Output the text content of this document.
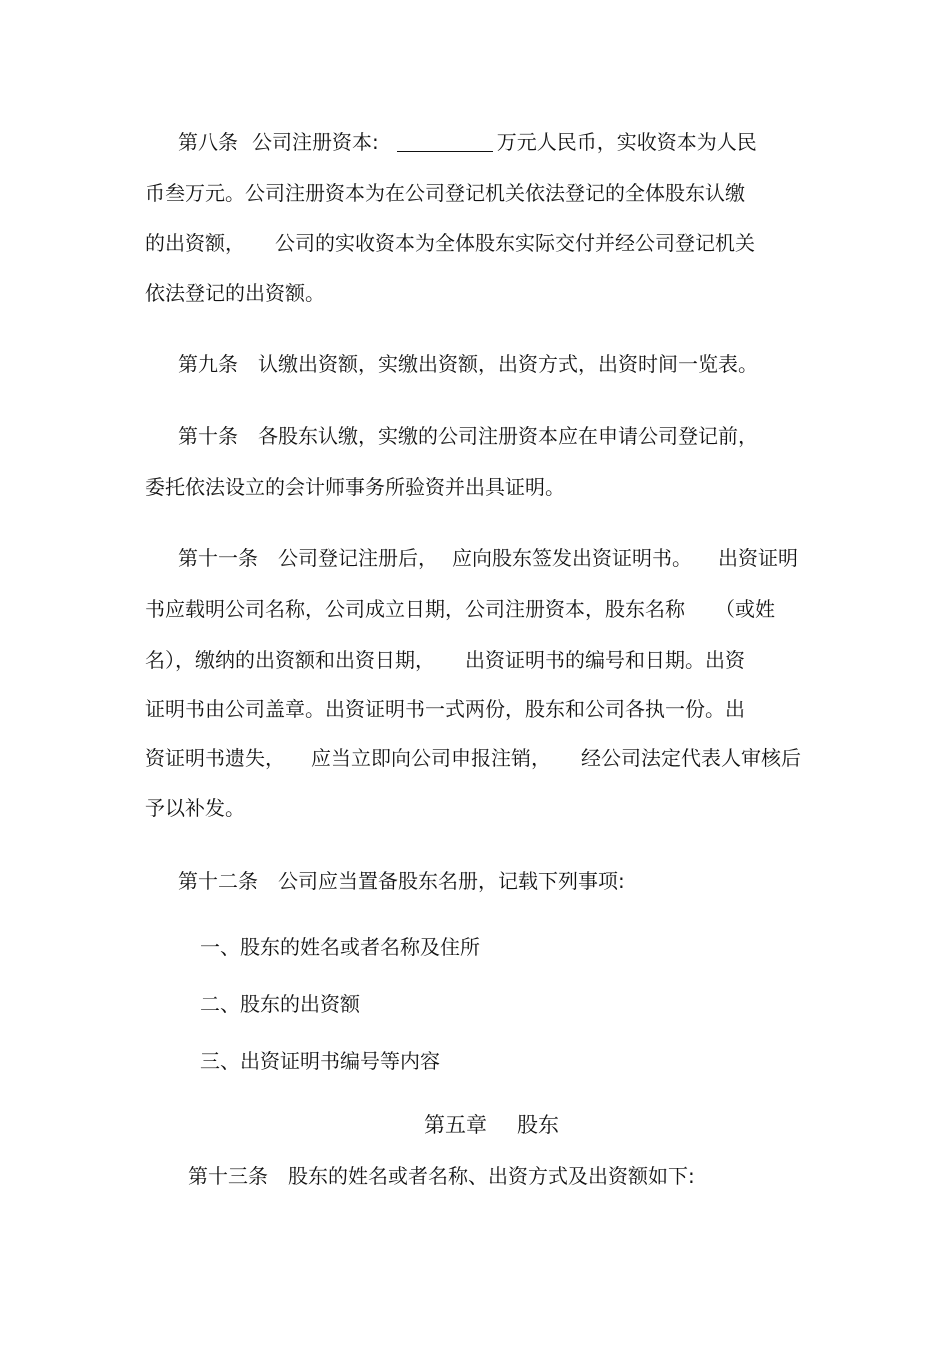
第八条 公司注册资本:	万元人民币，实收资本为人民
币叁万元。公司注册资本为在公司登记机关依法登记的全体股东认缴
的出资额， 公司的实收资本为全体股东实际交付并经公司登记机关
依法登记的出资额。
第九条　认缴出资额，实缴出资额，出资方式，出资时间一览表。
第十条　各股东认缴，实缴的公司注册资本应在申请公司登记前，
委托依法设立的会计师事务所验资并出具证明。
第十一条　公司登记注册后， 应向股东签发出资证明书。 出资证明
书应载明公司名称，公司成立日期，公司注册资本，股东名称 （或姓
名），缴纳的出资额和出资日期， 出资证明书的编号和日期。出资
证明书由公司盖章。出资证明书一式两份，股东和公司各执一份。出
资证明书遗失， 应当立即向公司申报注销， 经公司法定代表人审核后
予以补发。
第十二条　公司应当置备股东名册，记载下列事项:
一、股东的姓名或者名称及住所
二、股东的出资额
三、出资证明书编号等内容
第五章 股东
第十三条　股东的姓名或者名称、出资方式及出资额如下:
